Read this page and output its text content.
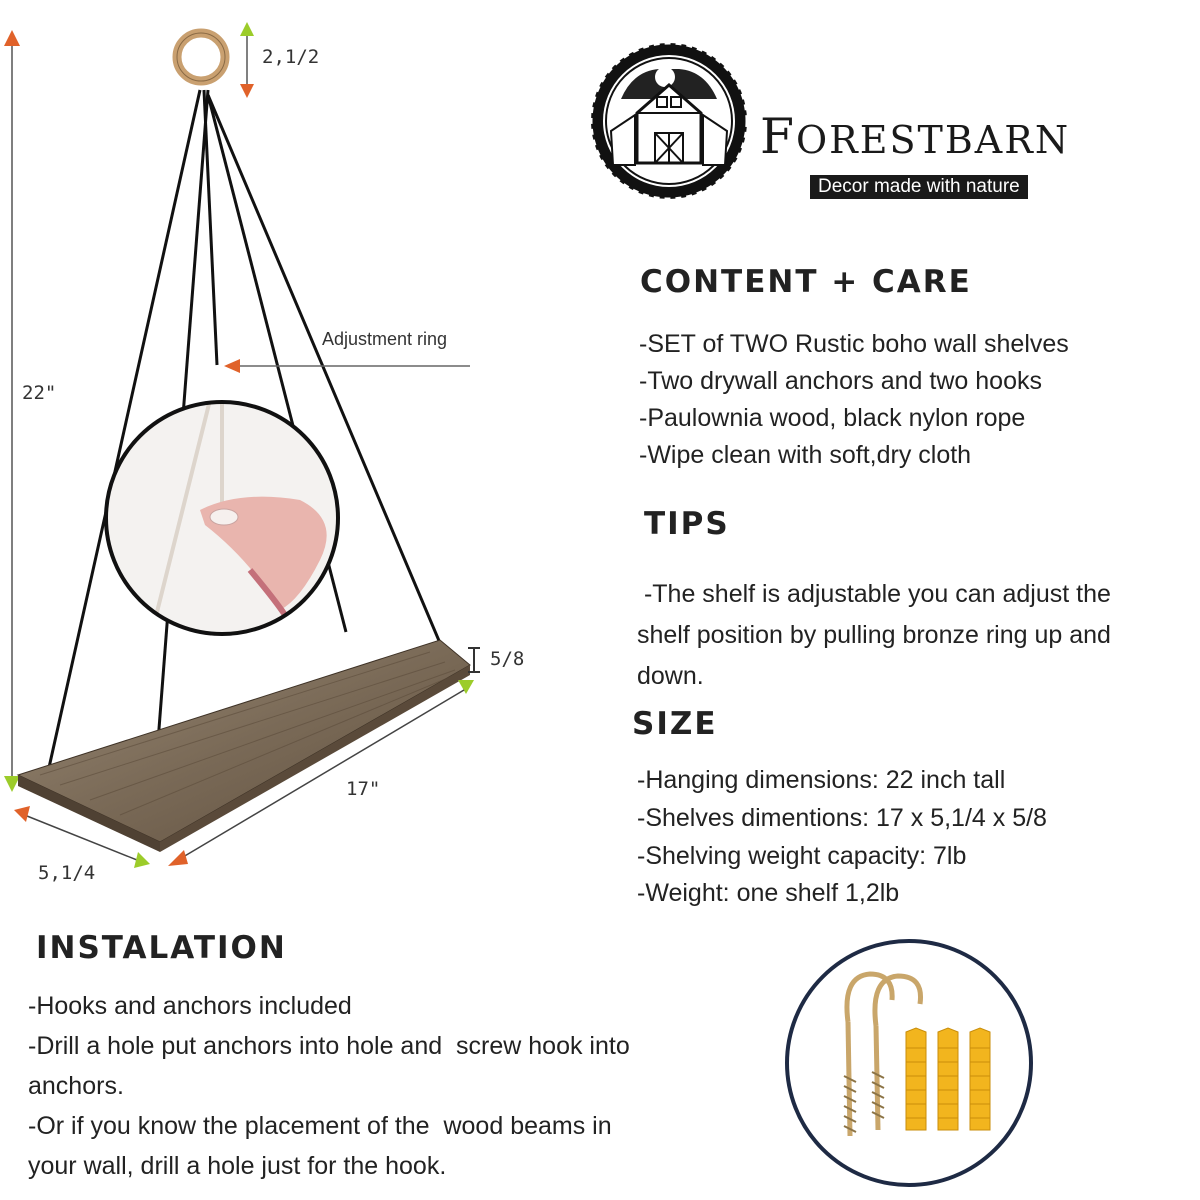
2,1/2
22"
Adjustment ring
5/8
17"
5,1/4
FORESTBARN
Decor made with nature
CONTENT + CARE
-SET of TWO Rustic boho wall shelves
-Two drywall anchors and two hooks
-Paulownia wood, black nylon rope
-Wipe clean with soft,dry cloth
TIPS
-The shelf is adjustable you can adjust the
shelf position by pulling bronze ring up and
down.
SIZE
-Hanging dimensions: 22 inch tall
-Shelves dimentions: 17 x 5,1/4 x 5/8
-Shelving weight capacity: 7lb
-Weight: one shelf 1,2lb
INSTALATION
-Hooks and anchors included
-Drill a hole put anchors into hole and  screw hook into
anchors.
-Or if you know the placement of the  wood beams in
your wall, drill a hole just for the hook.
